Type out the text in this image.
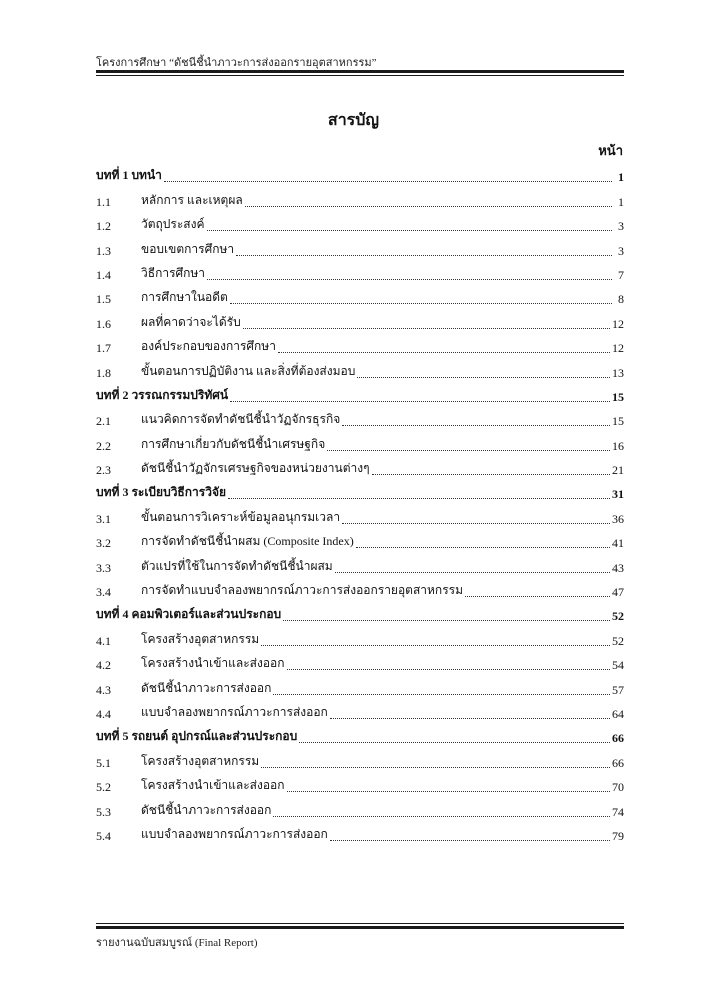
โครงการศึกษา “ดัชนีชี้นำภาวะการส่งออกรายอุตสาหกรรม”
สารบัญ
หน้า
บทที่ 1 บทนำ	1
1.1	หลักการ และเหตุผล	1
1.2	วัตถุประสงค์	3
1.3	ขอบเขตการศึกษา	3
1.4	วิธีการศึกษา	7
1.5	การศึกษาในอดีต	8
1.6	ผลที่คาดว่าจะได้รับ	12
1.7	องค์ประกอบของการศึกษา	12
1.8	ขั้นตอนการปฏิบัติงาน และสิ่งที่ต้องส่งมอบ	13
บทที่ 2 วรรณกรรมปริทัศน์	15
2.1	แนวคิดการจัดทำดัชนีชี้นำวัฏจักรธุรกิจ	15
2.2	การศึกษาเกี่ยวกับดัชนีชี้นำเศรษฐกิจ	16
2.3	ดัชนีชี้นำวัฏจักรเศรษฐกิจของหน่วยงานต่างๆ	21
บทที่ 3 ระเบียบวิธีการวิจัย	31
3.1	ขั้นตอนการวิเคราะห์ข้อมูลอนุกรมเวลา	36
3.2	การจัดทำดัชนีชี้นำผสม (Composite Index)	41
3.3	ตัวแปรที่ใช้ในการจัดทำดัชนีชี้นำผสม	43
3.4	การจัดทำแบบจำลองพยากรณ์ภาวะการส่งออกรายอุตสาหกรรม	47
บทที่ 4 คอมพิวเตอร์และส่วนประกอบ	52
4.1	โครงสร้างอุตสาหกรรม	52
4.2	โครงสร้างนำเข้าและส่งออก	54
4.3	ดัชนีชี้นำภาวะการส่งออก	57
4.4	แบบจำลองพยากรณ์ภาวะการส่งออก	64
บทที่ 5 รถยนต์ อุปกรณ์และส่วนประกอบ	66
5.1	โครงสร้างอุตสาหกรรม	66
5.2	โครงสร้างนำเข้าและส่งออก	70
5.3	ดัชนีชี้นำภาวะการส่งออก	74
5.4	แบบจำลองพยากรณ์ภาวะการส่งออก	79
รายงานฉบับสมบูรณ์ (Final Report)
